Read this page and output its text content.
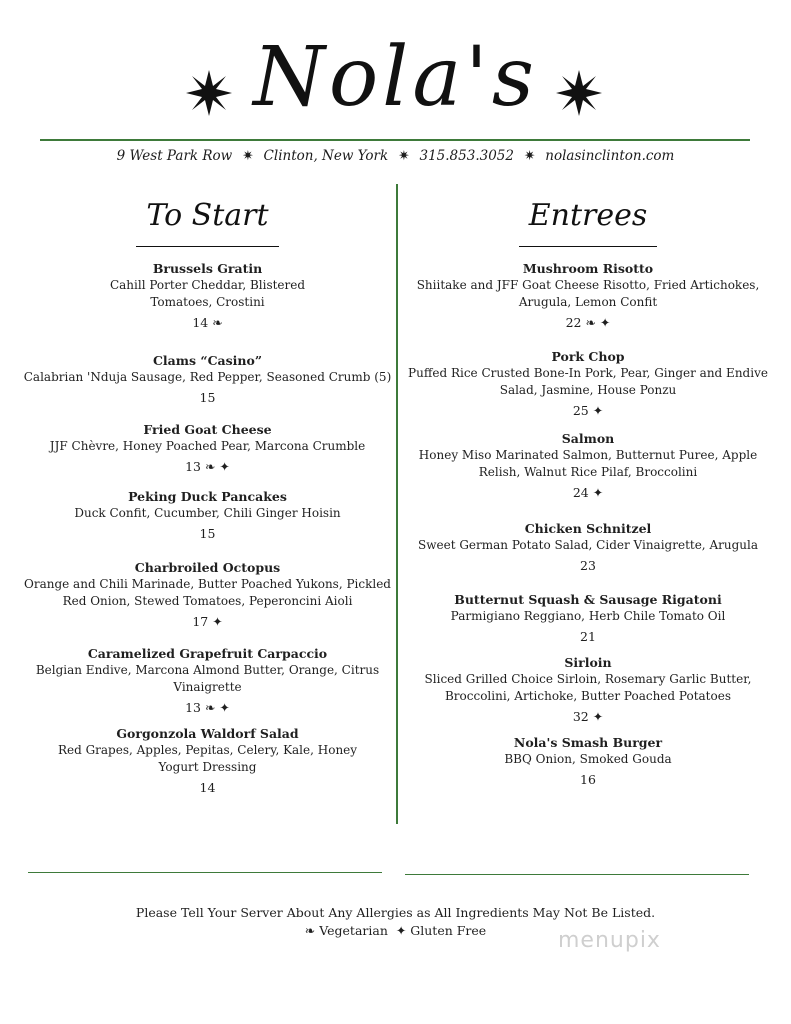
Nola's
9 West Park Row ✷ Clinton, New York ✷ 315.853.3052 ✷ nolasinclinton.com
To Start
Brussels Gratin
Cahill Porter Cheddar, Blistered Tomatoes, Crostini
14 ❧
Clams “Casino”
Calabrian 'Nduja Sausage, Red Pepper, Seasoned Crumb (5)
15
Fried Goat Cheese
JJF Chèvre, Honey Poached Pear, Marcona Crumble
13 ❧ ✦
Peking Duck Pancakes
Duck Confit, Cucumber, Chili Ginger Hoisin
15
Charbroiled Octopus
Orange and Chili Marinade, Butter Poached Yukons, Pickled Red Onion, Stewed Tomatoes, Peperoncini Aioli
17 ✦
Caramelized Grapefruit Carpaccio
Belgian Endive, Marcona Almond Butter, Orange, Citrus Vinaigrette
13 ❧ ✦
Gorgonzola Waldorf Salad
Red Grapes, Apples, Pepitas, Celery, Kale, Honey Yogurt Dressing
14
Entrees
Mushroom Risotto
Shiitake and JFF Goat Cheese Risotto, Fried Artichokes, Arugula, Lemon Confit
22 ❧ ✦
Pork Chop
Puffed Rice Crusted Bone-In Pork, Pear, Ginger and Endive Salad, Jasmine, House Ponzu
25 ✦
Salmon
Honey Miso Marinated Salmon, Butternut Puree, Apple Relish, Walnut Rice Pilaf, Broccolini
24 ✦
Chicken Schnitzel
Sweet German Potato Salad, Cider Vinaigrette, Arugula
23
Butternut Squash & Sausage Rigatoni
Parmigiano Reggiano, Herb Chile Tomato Oil
21
Sirloin
Sliced Grilled Choice Sirloin, Rosemary Garlic Butter, Broccolini, Artichoke, Butter Poached Potatoes
32 ✦
Nola's Smash Burger
BBQ Onion, Smoked Gouda
16
Please Tell Your Server About Any Allergies as All Ingredients May Not Be Listed.
❧ Vegetarian  ✦ Gluten Free	menupix
